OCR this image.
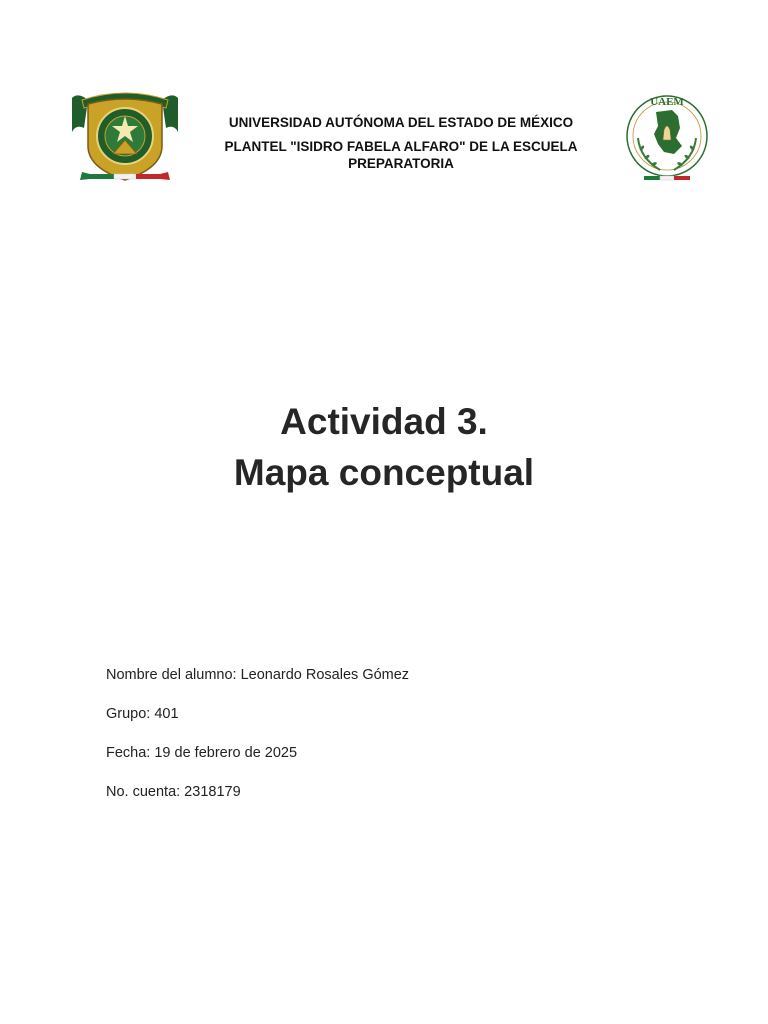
UNIVERSIDAD AUTÓNOMA DEL ESTADO DE MÉXICO
PLANTEL "ISIDRO FABELA ALFARO" DE LA ESCUELA PREPARATORIA
UAEM
Actividad 3.
Mapa conceptual
Nombre del alumno: Leonardo Rosales Gómez
Grupo: 401
Fecha: 19 de febrero de 2025
No. cuenta: 2318179
